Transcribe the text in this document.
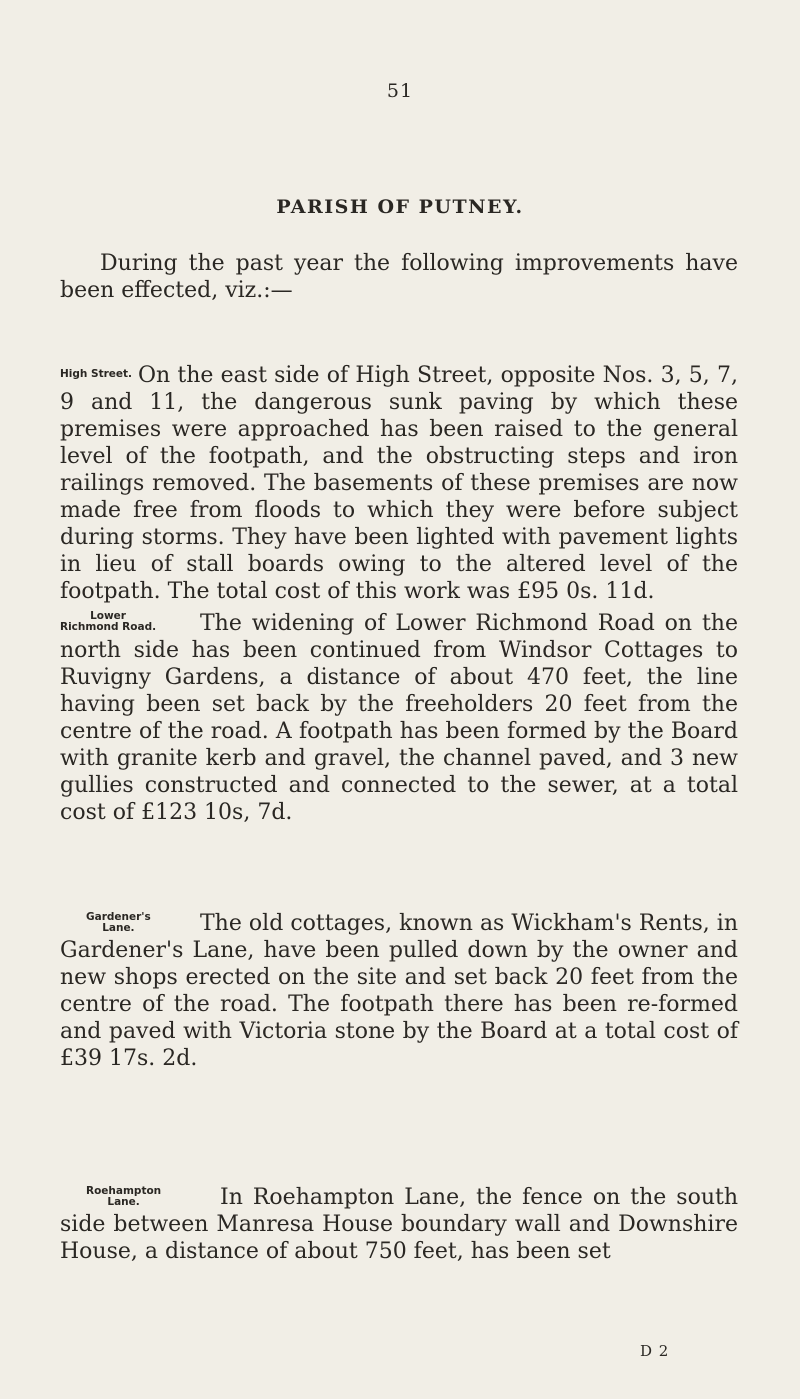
51
PARISH OF PUTNEY.

During the past year the following improvements have been effected, viz.:—

High Street. On the east side of High Street, opposite Nos. 3, 5, 7, 9 and 11, the dangerous sunk paving by which these premises were approached has been raised to the general level of the footpath, and the obstructing steps and iron railings removed. The basements of these premises are now made free from floods to which they were before subject during storms. They have been lighted with pavement lights in lieu of stall boards owing to the altered level of the footpath. The total cost of this work was £95 0s. 11d.

Lower
Richmond Road.	The widening of Lower Richmond Road on the north side has been continued from Windsor Cottages to Ruvigny Gardens, a distance of about 470 feet, the line having been set back by the freeholders 20 feet from the centre of the road. A footpath has been formed by the Board with granite kerb and gravel, the channel paved, and 3 new gullies constructed and connected to the sewer, at a total cost of £123 10s, 7d.

Gardener's
Lane.	The old cottages, known as Wickham's Rents, in Gardener's Lane, have been pulled down by the owner and new shops erected on the site and set back 20 feet from the centre of the road. The footpath there has been re-formed and paved with Victoria stone by the Board at a total cost of £39 17s. 2d.

Roehampton
Lane.	In Roehampton Lane, the fence on the south side between Manresa House boundary wall and Downshire House, a distance of about 750 feet, has been set

D 2
